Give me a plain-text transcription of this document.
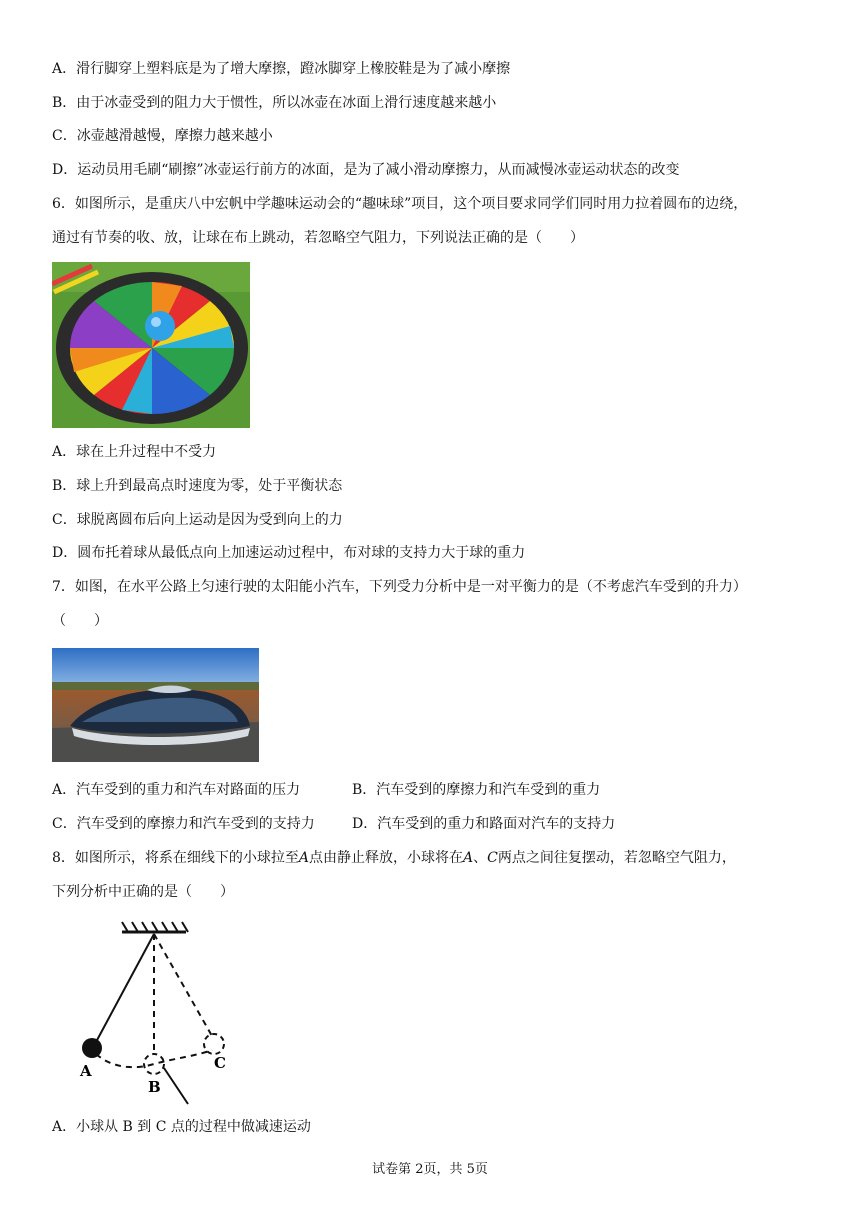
A．滑行脚穿上塑料底是为了增大摩擦，蹬冰脚穿上橡胶鞋是为了减小摩擦
B．由于冰壶受到的阻力大于惯性，所以冰壶在冰面上滑行速度越来越小
C．冰壶越滑越慢，摩擦力越来越小
D．运动员用毛刷“刷擦”冰壶运行前方的冰面，是为了减小滑动摩擦力，从而减慢冰壶运动状态的改变
6．如图所示，是重庆八中宏帆中学趣味运动会的“趣味球”项目，这个项目要求同学们同时用力拉着圆布的边绕，
通过有节奏的收、放，让球在布上跳动，若忽略空气阻力，下列说法正确的是（　　）
A．球在上升过程中不受力
B．球上升到最高点时速度为零，处于平衡状态
C．球脱离圆布后向上运动是因为受到向上的力
D．圆布托着球从最低点向上加速运动过程中，布对球的支持力大于球的重力
7．如图，在水平公路上匀速行驶的太阳能小汽车，下列受力分析中是一对平衡力的是（不考虑汽车受到的升力）
（　　）
A．汽车受到的重力和汽车对路面的压力	B．汽车受到的摩擦力和汽车受到的重力
C．汽车受到的摩擦力和汽车受到的支持力	D．汽车受到的重力和路面对汽车的支持力
8．如图所示，将系在细线下的小球拉至A点由静止释放，小球将在A、C两点之间往复摆动，若忽略空气阻力，
下列分析中正确的是（　　）
A
B
C
A．小球从 B 到 C 点的过程中做减速运动
试卷第 2页，共 5页
